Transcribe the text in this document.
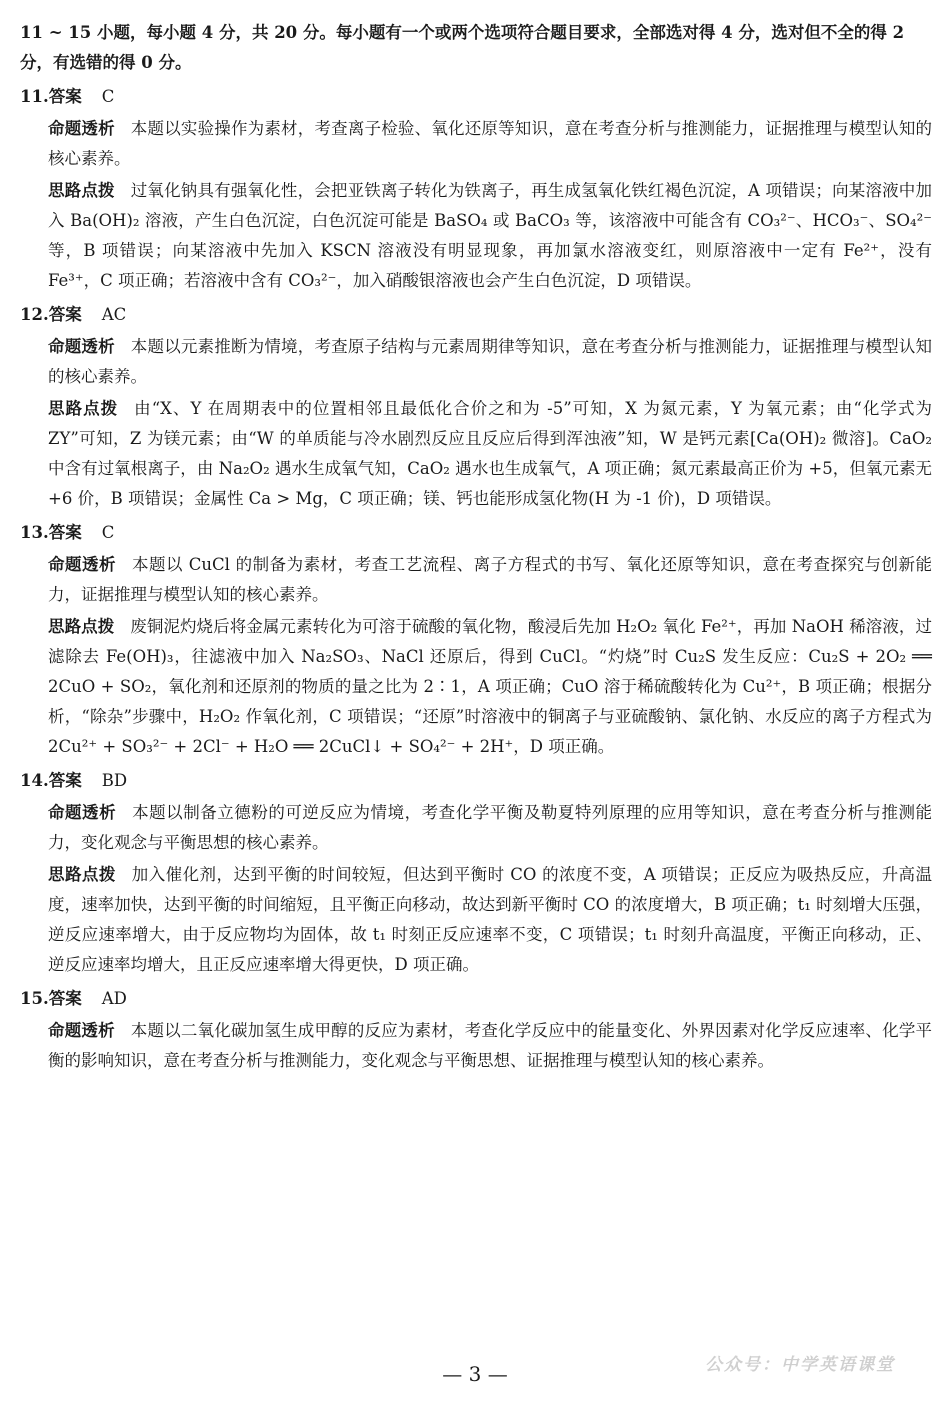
11 ~ 15 小题，每小题 4 分，共 20 分。每小题有一个或两个选项符合题目要求，全部选对得 4 分，选对但不全的得 2 分，有选错的得 0 分。

11.答案 C

命题透析 本题以实验操作为素材，考查离子检验、氧化还原等知识，意在考查分析与推测能力，证据推理与模型认知的核心素养。

思路点拨 过氧化钠具有强氧化性，会把亚铁离子转化为铁离子，再生成氢氧化铁红褐色沉淀，A 项错误；向某溶液中加入 Ba(OH)₂ 溶液，产生白色沉淀，白色沉淀可能是 BaSO₄ 或 BaCO₃ 等，该溶液中可能含有 CO₃²⁻、HCO₃⁻、SO₄²⁻ 等，B 项错误；向某溶液中先加入 KSCN 溶液没有明显现象，再加氯水溶液变红，则原溶液中一定有 Fe²⁺，没有 Fe³⁺，C 项正确；若溶液中含有 CO₃²⁻，加入硝酸银溶液也会产生白色沉淀，D 项错误。

12.答案 AC

命题透析 本题以元素推断为情境，考查原子结构与元素周期律等知识，意在考查分析与推测能力，证据推理与模型认知的核心素养。

思路点拨 由“X、Y 在周期表中的位置相邻且最低化合价之和为 -5”可知，X 为氮元素，Y 为氧元素；由“化学式为 ZY”可知，Z 为镁元素；由“W 的单质能与冷水剧烈反应且反应后得到浑浊液”知，W 是钙元素[Ca(OH)₂ 微溶]。CaO₂ 中含有过氧根离子，由 Na₂O₂ 遇水生成氧气知，CaO₂ 遇水也生成氧气，A 项正确；氮元素最高正价为 +5，但氧元素无 +6 价，B 项错误；金属性 Ca > Mg，C 项正确；镁、钙也能形成氢化物(H 为 -1 价)，D 项错误。

13.答案 C

命题透析 本题以 CuCl 的制备为素材，考查工艺流程、离子方程式的书写、氧化还原等知识，意在考查探究与创新能力，证据推理与模型认知的核心素养。

思路点拨 废铜泥灼烧后将金属元素转化为可溶于硫酸的氧化物，酸浸后先加 H₂O₂ 氧化 Fe²⁺，再加 NaOH 稀溶液，过滤除去 Fe(OH)₃，往滤液中加入 Na₂SO₃、NaCl 还原后，得到 CuCl。“灼烧”时 Cu₂S 发生反应：Cu₂S + 2O₂ ══ 2CuO + SO₂，氧化剂和还原剂的物质的量之比为 2∶1，A 项正确；CuO 溶于稀硫酸转化为 Cu²⁺，B 项正确；根据分析，“除杂”步骤中，H₂O₂ 作氧化剂，C 项错误；“还原”时溶液中的铜离子与亚硫酸钠、氯化钠、水反应的离子方程式为 2Cu²⁺ + SO₃²⁻ + 2Cl⁻ + H₂O ══ 2CuCl↓ + SO₄²⁻ + 2H⁺，D 项正确。

14.答案 BD

命题透析 本题以制备立德粉的可逆反应为情境，考查化学平衡及勒夏特列原理的应用等知识，意在考查分析与推测能力，变化观念与平衡思想的核心素养。

思路点拨 加入催化剂，达到平衡的时间较短，但达到平衡时 CO 的浓度不变，A 项错误；正反应为吸热反应，升高温度，速率加快，达到平衡的时间缩短，且平衡正向移动，故达到新平衡时 CO 的浓度增大，B 项正确；t₁ 时刻增大压强，逆反应速率增大，由于反应物均为固体，故 t₁ 时刻正反应速率不变，C 项错误；t₁ 时刻升高温度，平衡正向移动，正、逆反应速率均增大，且正反应速率增大得更快，D 项正确。

15.答案 AD

命题透析 本题以二氧化碳加氢生成甲醇的反应为素材，考查化学反应中的能量变化、外界因素对化学反应速率、化学平衡的影响知识，意在考查分析与推测能力，变化观念与平衡思想、证据推理与模型认知的核心素养。

— 3 —	公众号：中学英语课堂
